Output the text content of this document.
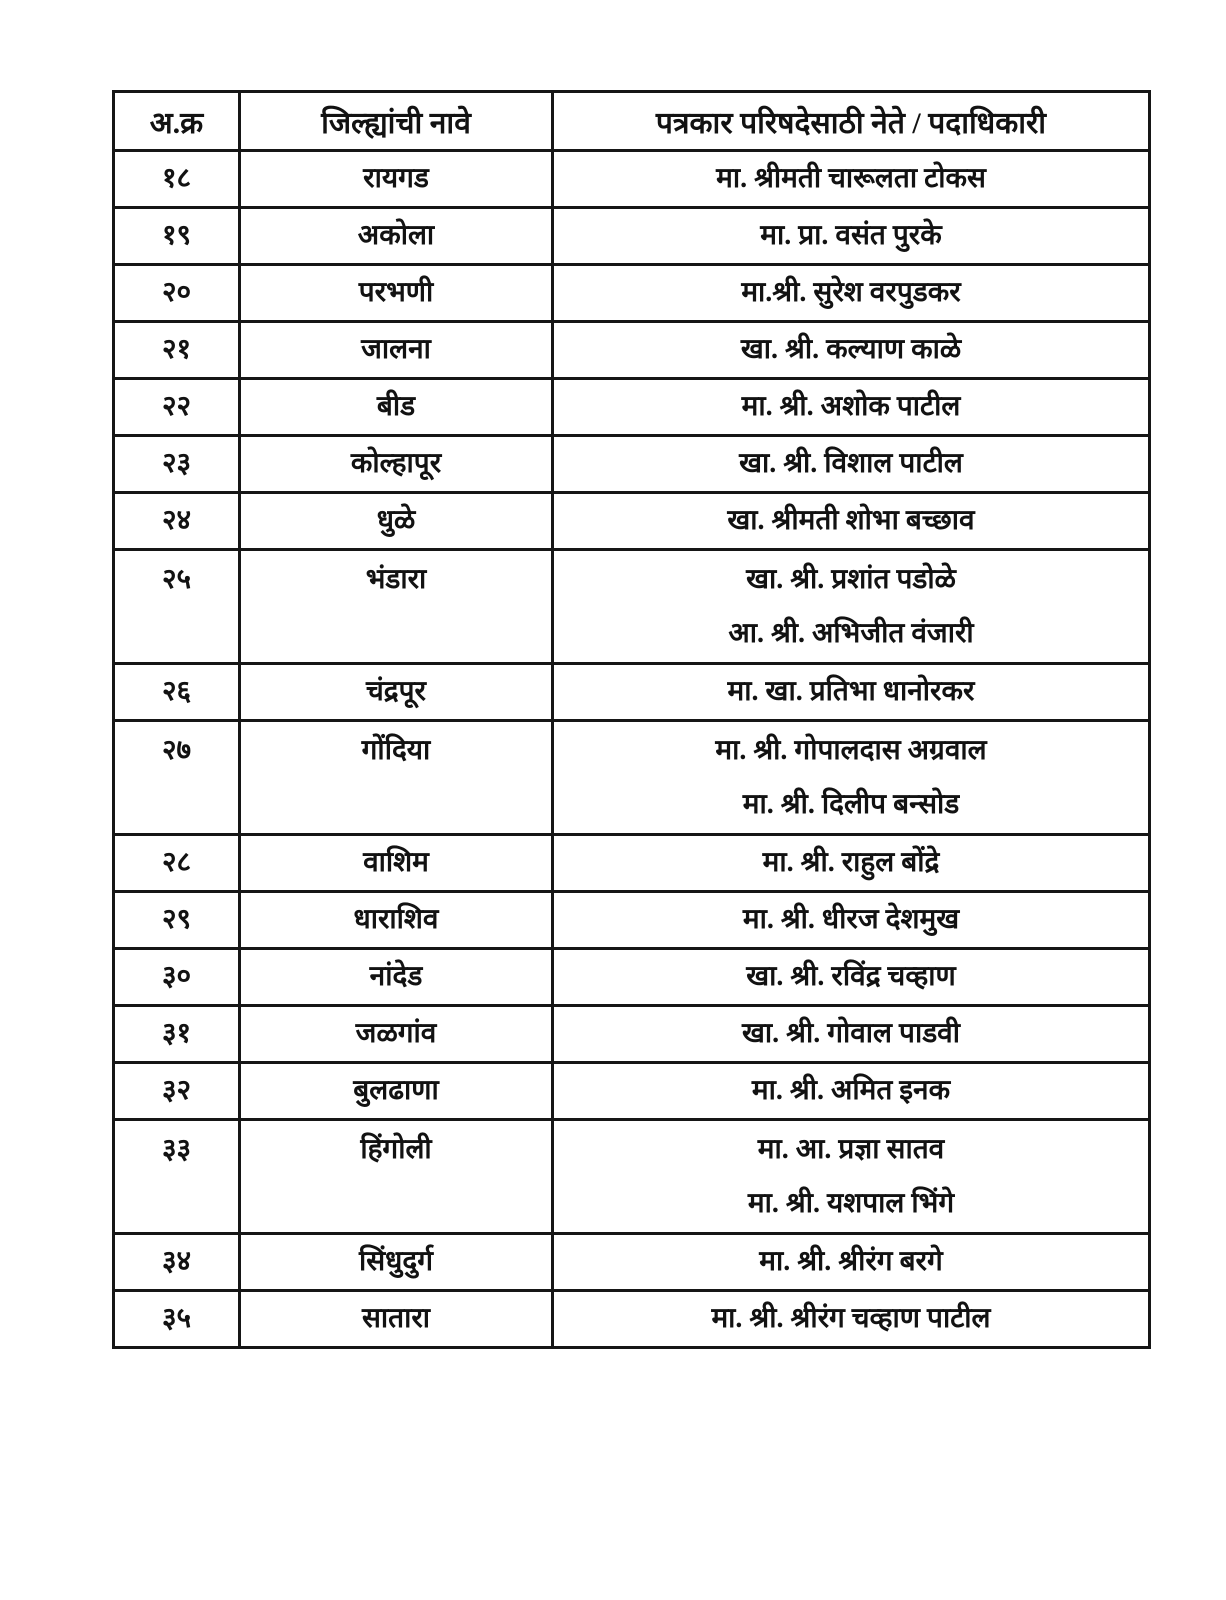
अ.क्र	जिल्ह्यांची नावे	पत्रकार परिषदेसाठी नेते / पदाधिकारी

१८	रायगड	मा. श्रीमती चारूलता टोकस

१९	अकोला	मा. प्रा. वसंत पुरके

२०	परभणी	मा.श्री. सुरेश वरपुडकर

२१	जालना	खा. श्री. कल्याण काळे

२२	बीड	मा. श्री. अशोक पाटील

२३	कोल्हापूर	खा. श्री. विशाल पाटील

२४	धुळे	खा. श्रीमती शोभा बच्छाव

२५	भंडारा	खा. श्री. प्रशांत पडोळे
आ. श्री. अभिजीत वंजारी

२६	चंद्रपूर	मा. खा. प्रतिभा धानोरकर

२७	गोंदिया	मा. श्री. गोपालदास अग्रवाल
मा. श्री. दिलीप बन्सोड

२८	वाशिम	मा. श्री. राहुल बोंद्रे

२९	धाराशिव	मा. श्री. धीरज देशमुख

३०	नांदेड	खा. श्री. रविंद्र चव्हाण

३१	जळगांव	खा. श्री. गोवाल पाडवी

३२	बुलढाणा	मा. श्री. अमित इनक

३३	हिंगोली	मा. आ. प्रज्ञा सातव
मा. श्री. यशपाल भिंगे

३४	सिंधुदुर्ग	मा. श्री. श्रीरंग बरगे

३५	सातारा	मा. श्री. श्रीरंग चव्हाण पाटील
